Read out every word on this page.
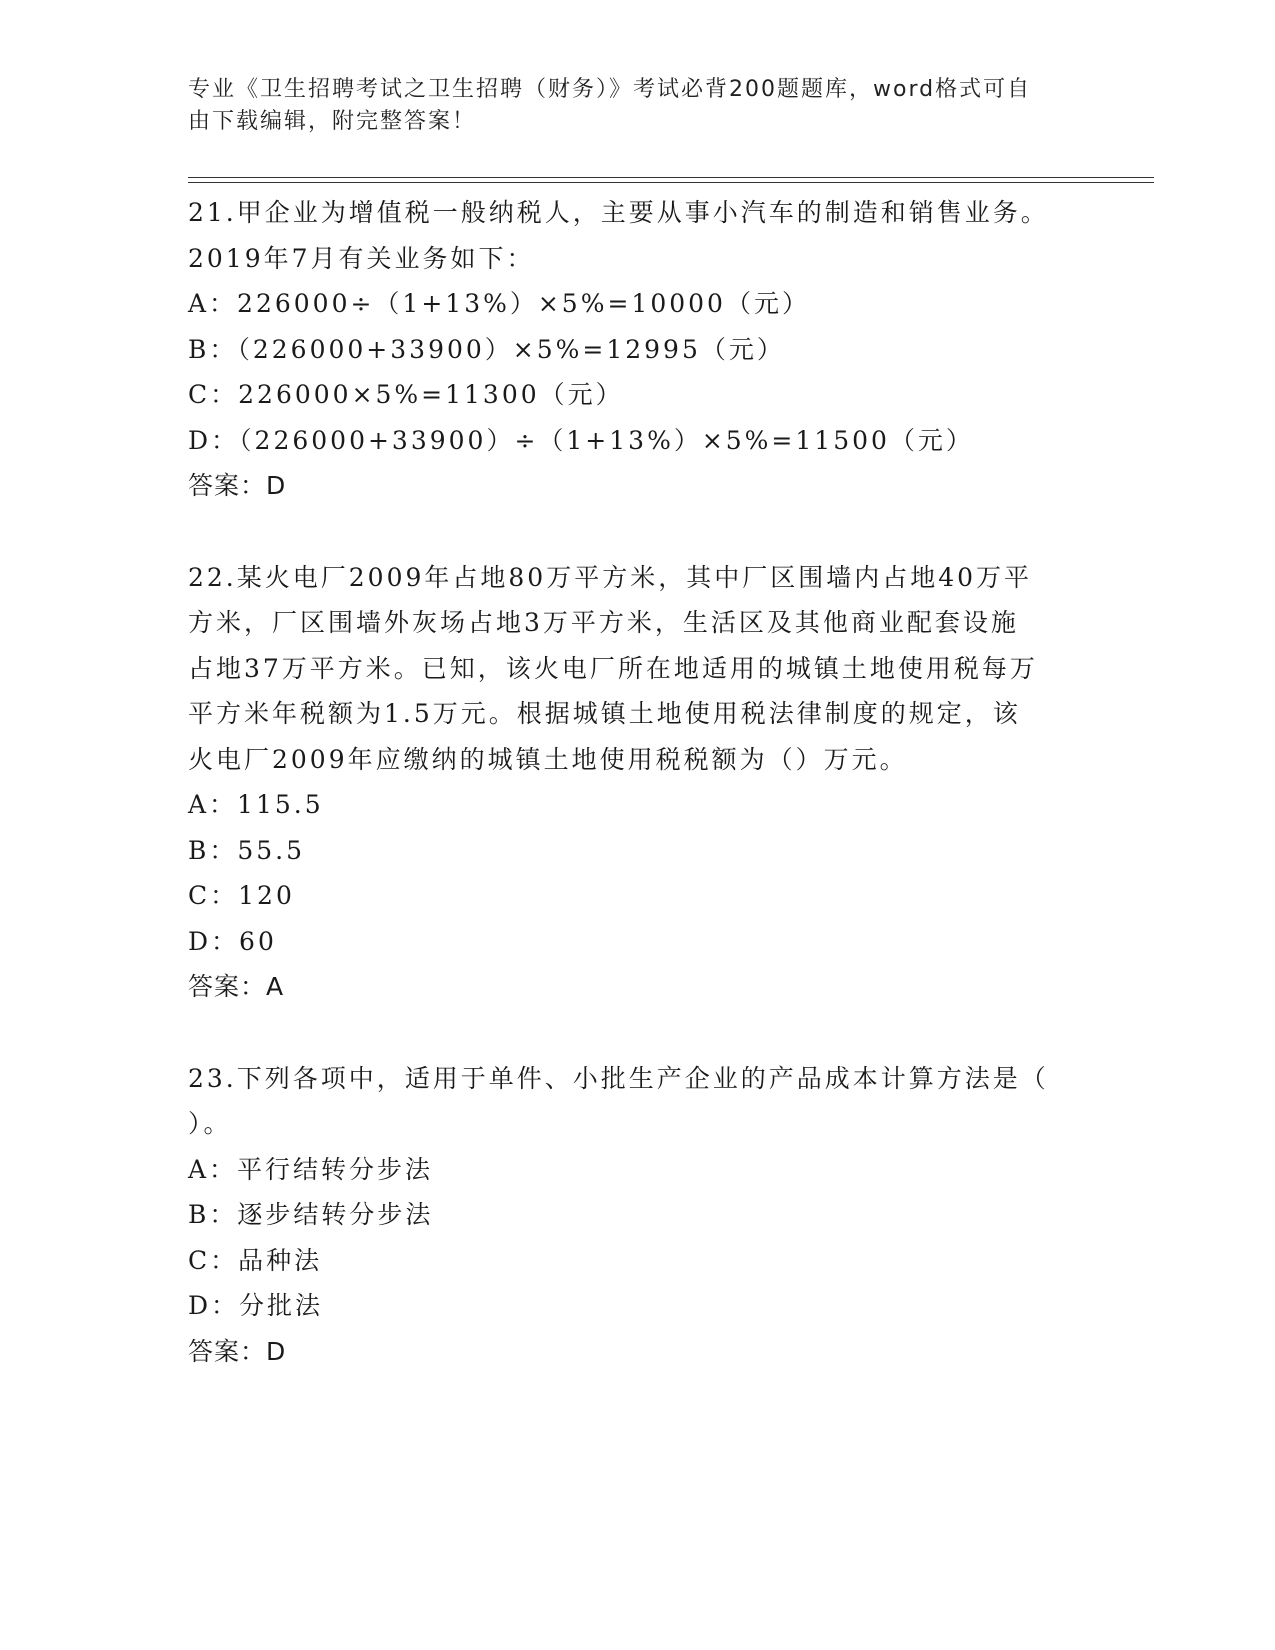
专业《卫生招聘考试之卫生招聘（财务）》考试必背200题题库，word格式可自
由下载编辑，附完整答案！
21.甲企业为增值税一般纳税人，主要从事小汽车的制造和销售业务。
2019年7月有关业务如下：
A：226000÷（1+13%）×5%=10000（元）
B：（226000+33900）×5%=12995（元）
C：226000×5%=11300（元）
D：（226000+33900）÷（1+13%）×5%=11500（元）
答案：D
22.某火电厂2009年占地80万平方米，其中厂区围墙内占地40万平
方米，厂区围墙外灰场占地3万平方米，生活区及其他商业配套设施
占地37万平方米。已知，该火电厂所在地适用的城镇土地使用税每万
平方米年税额为1.5万元。根据城镇土地使用税法律制度的规定，该
火电厂2009年应缴纳的城镇土地使用税税额为（）万元。
A：115.5
B：55.5
C：120
D：60
答案：A
23.下列各项中，适用于单件、小批生产企业的产品成本计算方法是（
）。
A：平行结转分步法
B：逐步结转分步法
C：品种法
D：分批法
答案：D
